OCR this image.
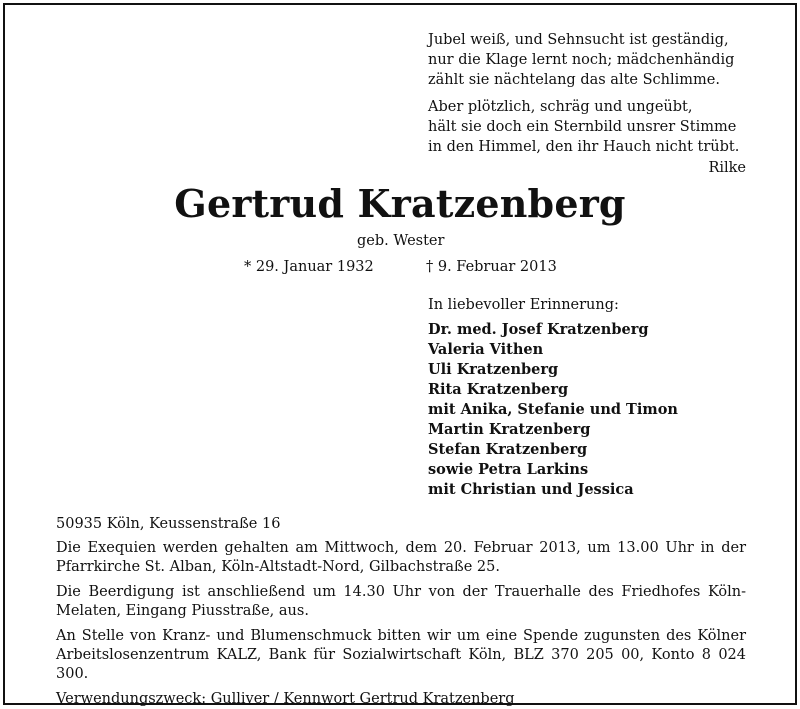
Jubel weiß, und Sehnsucht ist geständig,
nur die Klage lernt noch; mädchenhändig
zählt sie nächtelang das alte Schlimme.
Aber plötzlich, schräg und ungeübt,
hält sie doch ein Sternbild unsrer Stimme
in den Himmel, den ihr Hauch nicht trübt.
Rilke
Gertrud Kratzenberg
geb. Wester
* 29. Januar 1932	† 9. Februar 2013
In liebevoller Erinnerung:
Dr. med. Josef Kratzenberg
Valeria Vithen
Uli Kratzenberg
Rita Kratzenberg
mit Anika, Stefanie und Timon
Martin Kratzenberg
Stefan Kratzenberg
sowie Petra Larkins
mit Christian und Jessica
50935 Köln, Keussenstraße 16
Die Exequien werden gehalten am Mittwoch, dem 20. Februar 2013, um 13.00 Uhr in der Pfarrkirche St. Alban, Köln-Altstadt-Nord, Gilbachstraße 25.
Die Beerdigung ist anschließend um 14.30 Uhr von der Trauerhalle des Friedhofes Köln-Melaten, Eingang Piusstraße, aus.
An Stelle von Kranz- und Blumenschmuck bitten wir um eine Spende zugunsten des Kölner Arbeitslosenzentrum KALZ, Bank für Sozialwirtschaft Köln, BLZ 370 205 00, Konto 8 024 300.
Verwendungszweck: Gulliver / Kennwort Gertrud Kratzenberg
